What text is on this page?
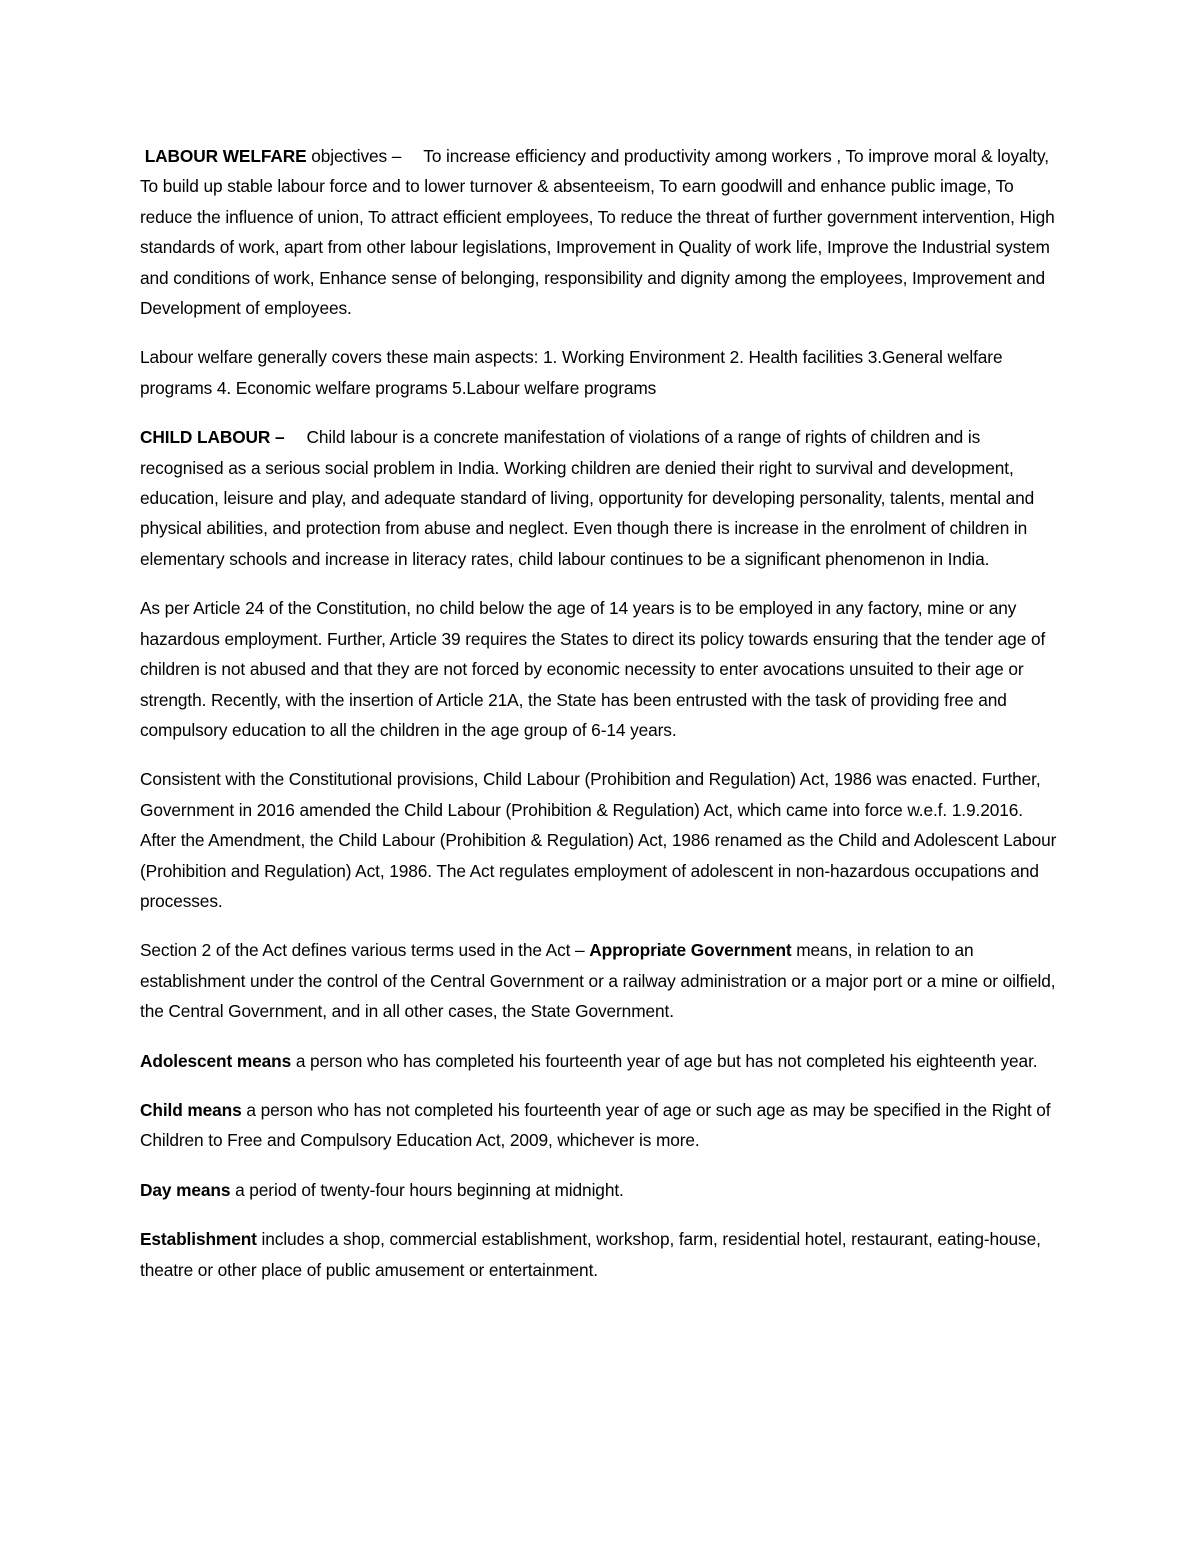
LABOUR WELFARE objectives – To increase efficiency and productivity among workers , To improve moral & loyalty, To build up stable labour force and to lower turnover & absenteeism, To earn goodwill and enhance public image, To reduce the influence of union, To attract efficient employees, To reduce the threat of further government intervention, High standards of work, apart from other labour legislations, Improvement in Quality of work life, Improve the Industrial system and conditions of work, Enhance sense of belonging, responsibility and dignity among the employees, Improvement and Development of employees.

Labour welfare generally covers these main aspects: 1. Working Environment 2. Health facilities 3.General welfare programs 4. Economic welfare programs 5.Labour welfare programs

CHILD LABOUR – Child labour is a concrete manifestation of violations of a range of rights of children and is recognised as a serious social problem in India. Working children are denied their right to survival and development, education, leisure and play, and adequate standard of living, opportunity for developing personality, talents, mental and physical abilities, and protection from abuse and neglect. Even though there is increase in the enrolment of children in elementary schools and increase in literacy rates, child labour continues to be a significant phenomenon in India.

As per Article 24 of the Constitution, no child below the age of 14 years is to be employed in any factory, mine or any hazardous employment. Further, Article 39 requires the States to direct its policy towards ensuring that the tender age of children is not abused and that they are not forced by economic necessity to enter avocations unsuited to their age or strength. Recently, with the insertion of Article 21A, the State has been entrusted with the task of providing free and compulsory education to all the children in the age group of 6-14 years.

Consistent with the Constitutional provisions, Child Labour (Prohibition and Regulation) Act, 1986 was enacted. Further, Government in 2016 amended the Child Labour (Prohibition & Regulation) Act, which came into force w.e.f. 1.9.2016. After the Amendment, the Child Labour (Prohibition & Regulation) Act, 1986 renamed as the Child and Adolescent Labour (Prohibition and Regulation) Act, 1986. The Act regulates employment of adolescent in non-hazardous occupations and processes.

Section 2 of the Act defines various terms used in the Act – Appropriate Government means, in relation to an establishment under the control of the Central Government or a railway administration or a major port or a mine or oilfield, the Central Government, and in all other cases, the State Government.

Adolescent means a person who has completed his fourteenth year of age but has not completed his eighteenth year.

Child means a person who has not completed his fourteenth year of age or such age as may be specified in the Right of Children to Free and Compulsory Education Act, 2009, whichever is more.

Day means a period of twenty-four hours beginning at midnight.

Establishment includes a shop, commercial establishment, workshop, farm, residential hotel, restaurant, eating-house, theatre or other place of public amusement or entertainment.
